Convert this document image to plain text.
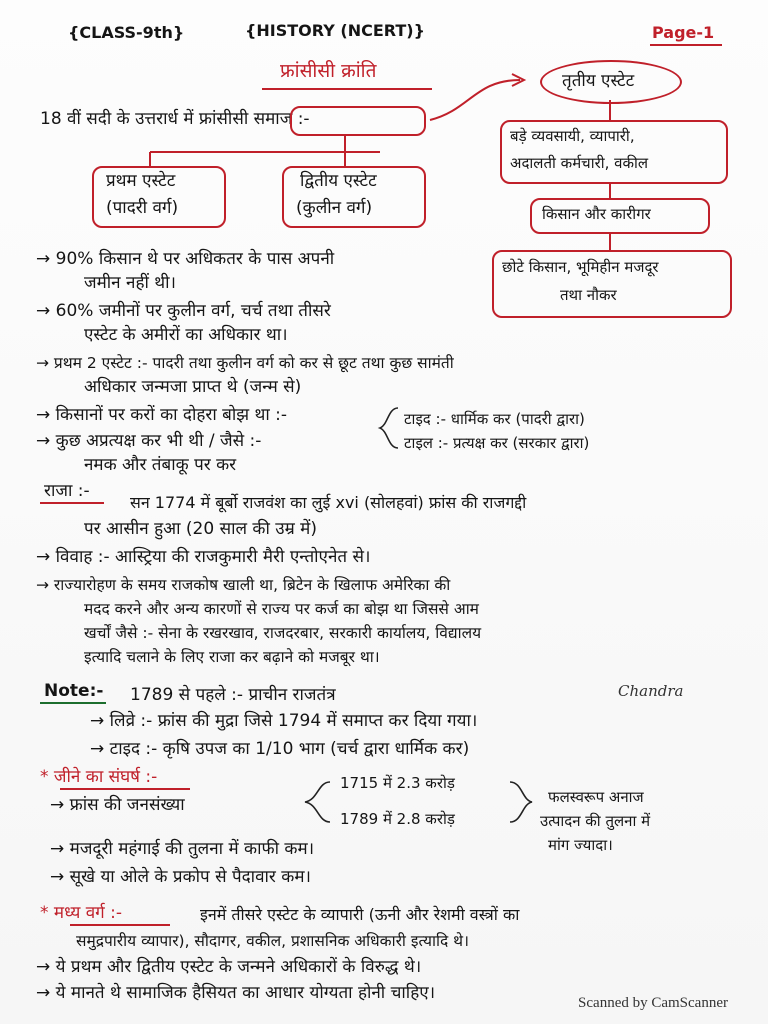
{CLASS-9th}	{HISTORY (NCERT)}	Page-1
फ्रांसीसी क्रांति
18 वीं सदी के उत्तरार्ध में फ्रांसीसी समाज :-
प्रथम एस्टेट
(पादरी वर्ग)
द्वितीय एस्टेट
(कुलीन वर्ग)
तृतीय एस्टेट
बड़े व्यवसायी, व्यापारी,
अदालती कर्मचारी, वकील
किसान और कारीगर
छोटे किसान, भूमिहीन मजदूर
तथा नौकर
→ 90% किसान थे पर अधिकतर के पास अपनी
जमीन नहीं थी।
→ 60% जमीनों पर कुलीन वर्ग, चर्च तथा तीसरे
एस्टेट के अमीरों का अधिकार था।
→ प्रथम 2 एस्टेट :- पादरी तथा कुलीन वर्ग को कर से छूट तथा कुछ सामंती
अधिकार जन्मजा प्राप्त थे (जन्म से)
→ किसानों पर करों का दोहरा बोझ था :-
→ कुछ अप्रत्यक्ष कर भी थी / जैसे :-
नमक और तंबाकू पर कर
टाइद :- धार्मिक कर (पादरी द्वारा)
टाइल :- प्रत्यक्ष कर (सरकार द्वारा)
राजा :-
सन 1774 में बूर्बो राजवंश का लुई xvi (सोलहवां) फ्रांस की राजगद्दी
पर आसीन हुआ (20 साल की उम्र में)
→ विवाह :- आस्ट्रिया की राजकुमारी मैरी एन्तोएनेत से।
→ राज्यारोहण के समय राजकोष खाली था, ब्रिटेन के खिलाफ अमेरिका की
मदद करने और अन्य कारणों से राज्य पर कर्ज का बोझ था जिससे आम
खर्चों जैसे :- सेना के रखरखाव, राजदरबार, सरकारी कार्यालय, विद्यालय
इत्यादि चलाने के लिए राजा कर बढ़ाने को मजबूर था।
Note:- 1789 से पहले :- प्राचीन राजतंत्र	Chandra
→ लिव्रे :- फ्रांस की मुद्रा जिसे 1794 में समाप्त कर दिया गया।
→ टाइद :- कृषि उपज का 1/10 भाग (चर्च द्वारा धार्मिक कर)
* जीने का संघर्ष :-
→ फ्रांस की जनसंख्या
1715 में 2.3 करोड़
1789 में 2.8 करोड़
फलस्वरूप अनाज
उत्पादन की तुलना में
मांग ज्यादा।
→ मजदूरी महंगाई की तुलना में काफी कम।
→ सूखे या ओले के प्रकोप से पैदावार कम।
* मध्य वर्ग :-	इनमें तीसरे एस्टेट के व्यापारी (ऊनी और रेशमी वस्त्रों का
समुद्रपारीय व्यापार), सौदागर, वकील, प्रशासनिक अधिकारी इत्यादि थे।
→ ये प्रथम और द्वितीय एस्टेट के जन्मने अधिकारों के विरुद्ध थे।
→ ये मानते थे सामाजिक हैसियत का आधार योग्यता होनी चाहिए।	Scanned by CamScanner
